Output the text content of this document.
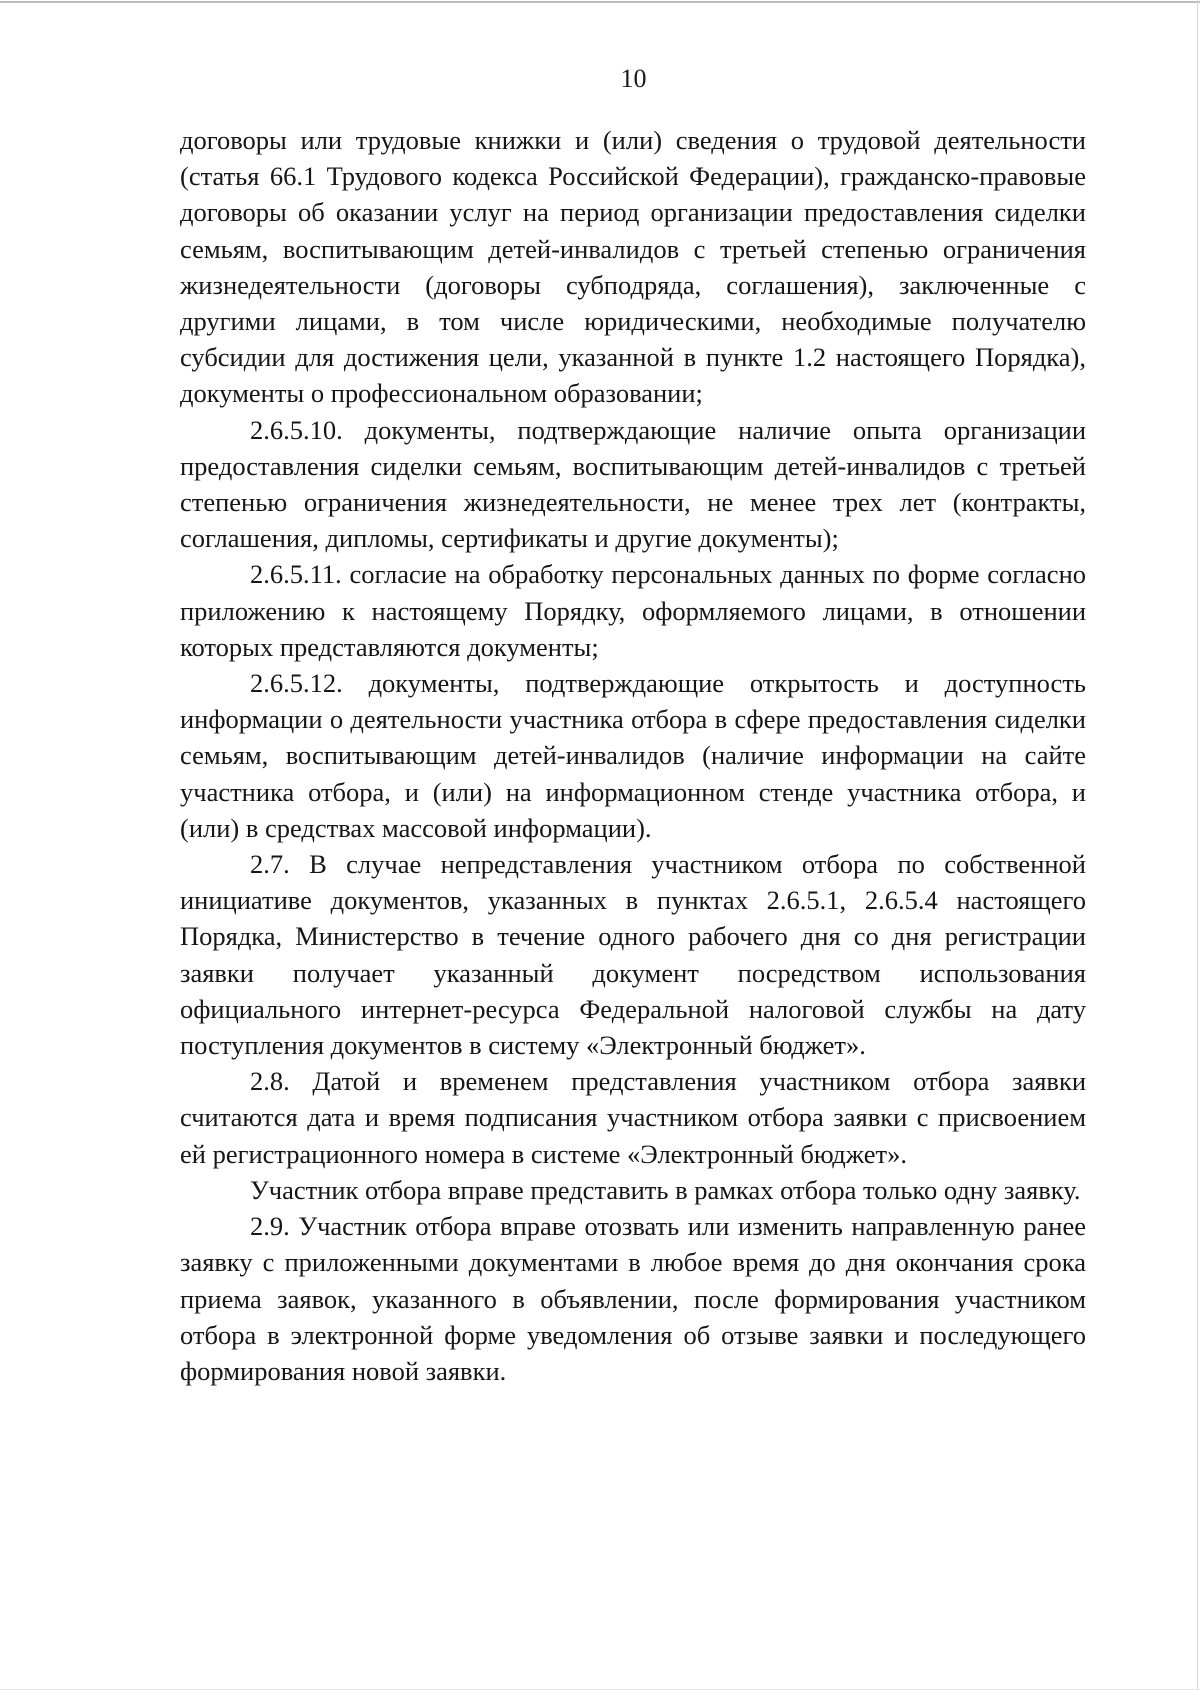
10

договоры или трудовые книжки и (или) сведения о трудовой деятельности (статья 66.1 Трудового кодекса Российской Федерации), гражданско-правовые договоры об оказании услуг на период организации предоставления сиделки семьям, воспитывающим детей-инвалидов с третьей степенью ограничения жизнедеятельности (договоры субподряда, соглашения), заключенные с другими лицами, в том числе юридическими, необходимые получателю субсидии для достижения цели, указанной в пункте 1.2 настоящего Порядка), документы о профессиональном образовании;

2.6.5.10. документы, подтверждающие наличие опыта организации предоставления сиделки семьям, воспитывающим детей-инвалидов с третьей степенью ограничения жизнедеятельности, не менее трех лет (контракты, соглашения, дипломы, сертификаты и другие документы);

2.6.5.11. согласие на обработку персональных данных по форме согласно приложению к настоящему Порядку, оформляемого лицами, в отношении которых представляются документы;

2.6.5.12. документы, подтверждающие открытость и доступность информации о деятельности участника отбора в сфере предоставления сиделки семьям, воспитывающим детей-инвалидов (наличие информации на сайте участника отбора, и (или) на информационном стенде участника отбора, и (или) в средствах массовой информации).

2.7. В случае непредставления участником отбора по собственной инициативе документов, указанных в пунктах 2.6.5.1, 2.6.5.4 настоящего Порядка, Министерство в течение одного рабочего дня со дня регистрации заявки получает указанный документ посредством использования официального интернет-ресурса Федеральной налоговой службы на дату поступления документов в систему «Электронный бюджет».

2.8. Датой и временем представления участником отбора заявки считаются дата и время подписания участником отбора заявки с присвоением ей регистрационного номера в системе «Электронный бюджет».

Участник отбора вправе представить в рамках отбора только одну заявку.

2.9. Участник отбора вправе отозвать или изменить направленную ранее заявку с приложенными документами в любое время до дня окончания срока приема заявок, указанного в объявлении, после формирования участником отбора в электронной форме уведомления об отзыве заявки и последующего формирования новой заявки.
